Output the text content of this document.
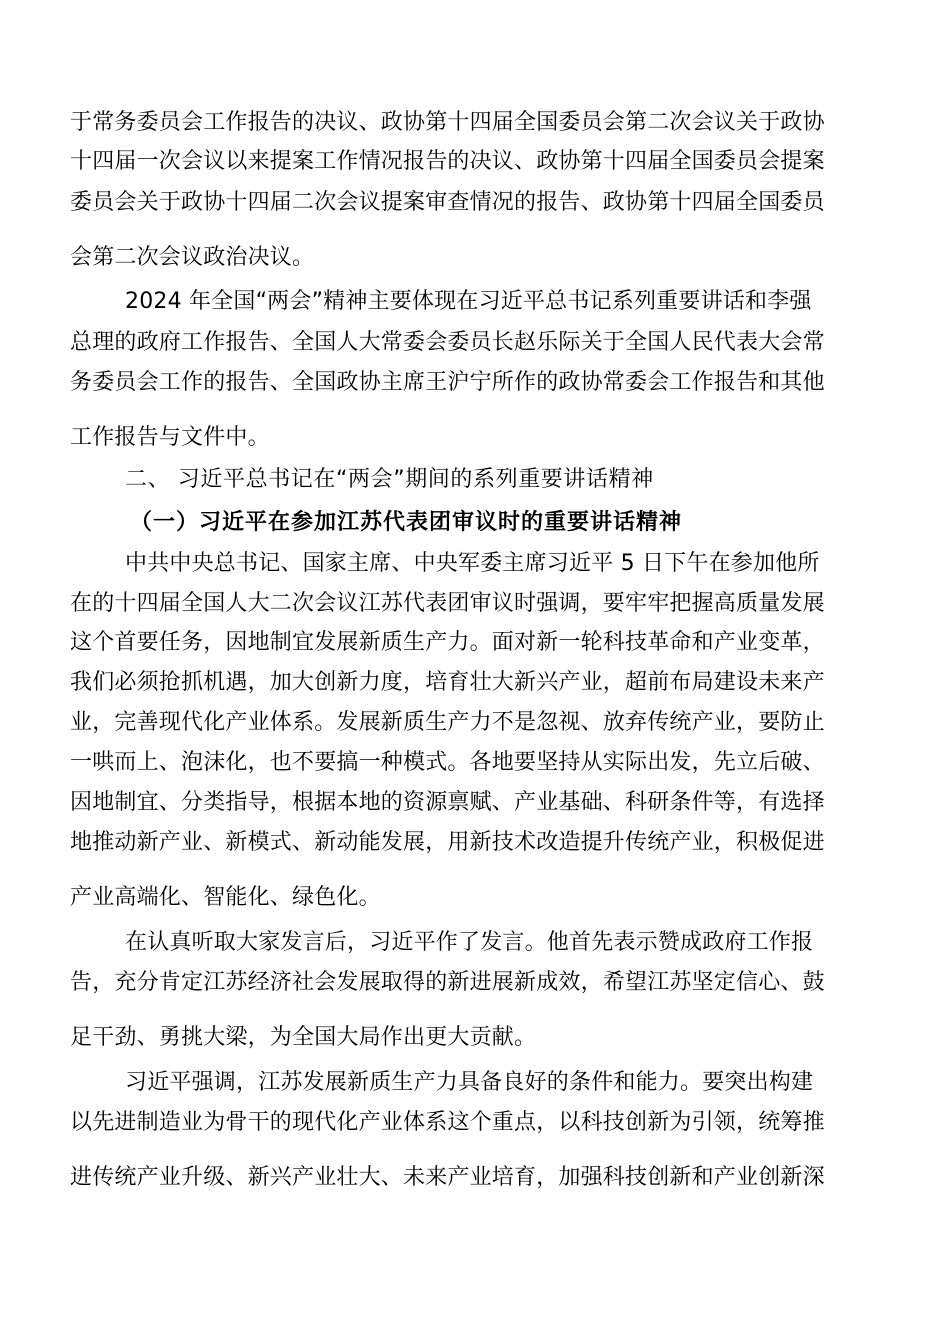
于常务委员会工作报告的决议、政协第十四届全国委员会第二次会议关于政协
十四届一次会议以来提案工作情况报告的决议、政协第十四届全国委员会提案
委员会关于政协十四届二次会议提案审查情况的报告、政协第十四届全国委员
会第二次会议政治决议。
2024 年全国“两会”精神主要体现在习近平总书记系列重要讲话和李强
总理的政府工作报告、全国人大常委会委员长赵乐际关于全国人民代表大会常
务委员会工作的报告、全国政协主席王沪宁所作的政协常委会工作报告和其他
工作报告与文件中。
二、 习近平总书记在“两会”期间的系列重要讲话精神
（一）习近平在参加江苏代表团审议时的重要讲话精神
中共中央总书记、国家主席、中央军委主席习近平 5 日下午在参加他所
在的十四届全国人大二次会议江苏代表团审议时强调，要牢牢把握高质量发展
这个首要任务，因地制宜发展新质生产力。面对新一轮科技革命和产业变革，
我们必须抢抓机遇，加大创新力度，培育壮大新兴产业，超前布局建设未来产
业，完善现代化产业体系。发展新质生产力不是忽视、放弃传统产业，要防止
一哄而上、泡沫化，也不要搞一种模式。各地要坚持从实际出发，先立后破、
因地制宜、分类指导，根据本地的资源禀赋、产业基础、科研条件等，有选择
地推动新产业、新模式、新动能发展，用新技术改造提升传统产业，积极促进
产业高端化、智能化、绿色化。
在认真听取大家发言后，习近平作了发言。他首先表示赞成政府工作报
告，充分肯定江苏经济社会发展取得的新进展新成效，希望江苏坚定信心、鼓
足干劲、勇挑大梁，为全国大局作出更大贡献。
习近平强调，江苏发展新质生产力具备良好的条件和能力。要突出构建
以先进制造业为骨干的现代化产业体系这个重点，以科技创新为引领，统筹推
进传统产业升级、新兴产业壮大、未来产业培育，加强科技创新和产业创新深
